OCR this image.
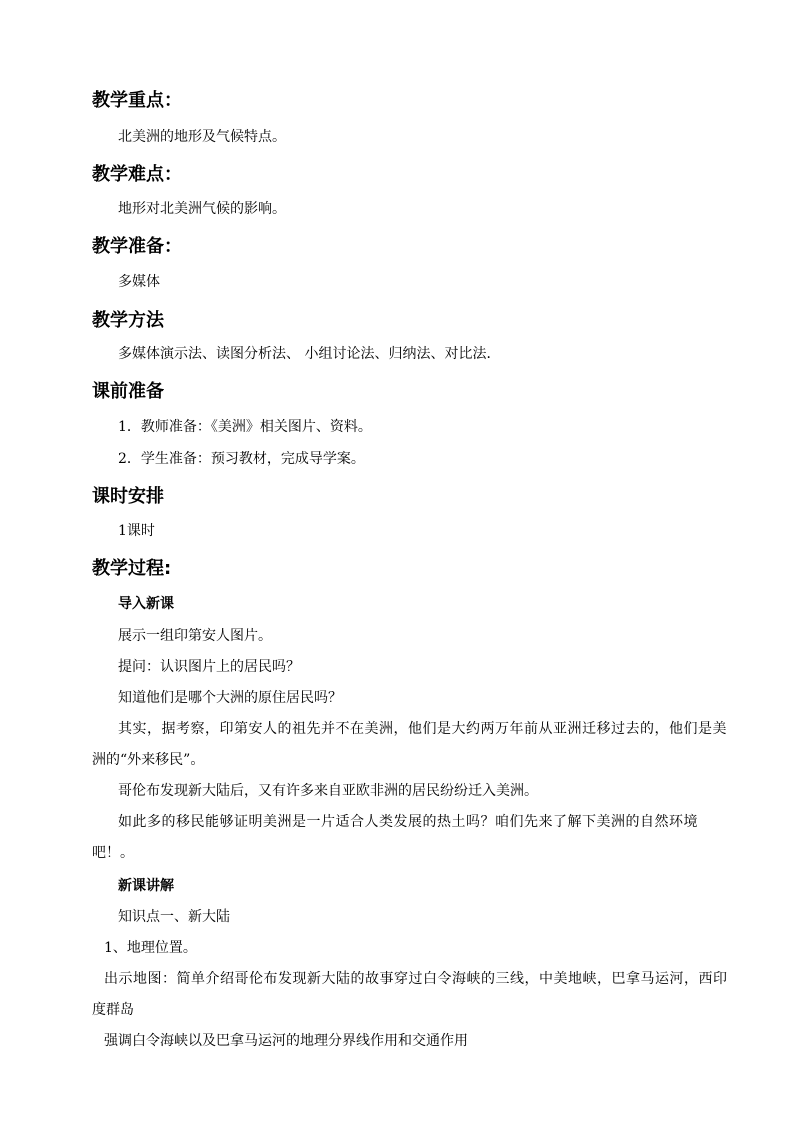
教学重点：
北美洲的地形及气候特点。
教学难点：
地形对北美洲气候的影响。
教学准备：
多媒体
教学方法
多媒体演示法、读图分析法、 小组讨论法、归纳法、对比法．
课前准备
1．教师准备：《美洲》相关图片、资料。
2．学生准备：预习教材，完成导学案。
课时安排
1课时
教学过程:
导入新课
展示一组印第安人图片。
提问：认识图片上的居民吗？
知道他们是哪个大洲的原住居民吗？
其实，据考察，印第安人的祖先并不在美洲，他们是大约两万年前从亚洲迁移过去的，他们是美
洲的“外来移民”。
哥伦布发现新大陆后，又有许多来自亚欧非洲的居民纷纷迁入美洲。
如此多的移民能够证明美洲是一片适合人类发展的热土吗？咱们先来了解下美洲的自然环境
吧！。
新课讲解
知识点一、新大陆
1、地理位置。
出示地图：简单介绍哥伦布发现新大陆的故事穿过白令海峡的三线，中美地峡，巴拿马运河，西印
度群岛
强调白令海峡以及巴拿马运河的地理分界线作用和交通作用
